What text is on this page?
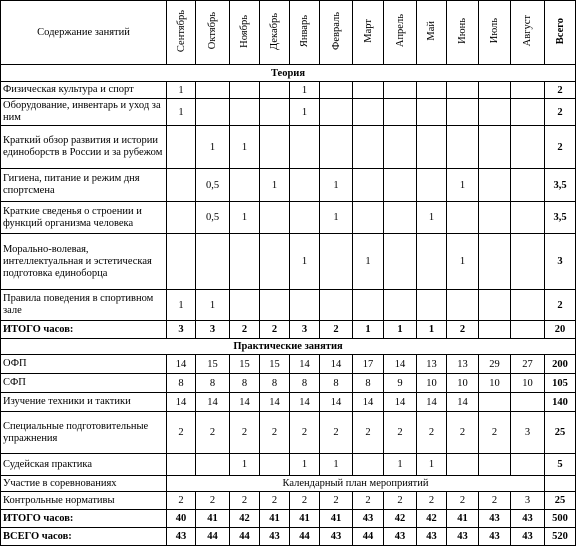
Содержание занятий	Сентябрь	Октябрь	Ноябрь	Декабрь	Январь	Февраль	Март	Апрель	Май	Июнь	Июль	Август	Всего
Теория													
Физическая культура и спорт	1				1								2
Оборудование, инвентарь и уход за ним	1				1								2
Краткий обзор развития и истории единоборств в России и за рубежом		1	1										2
Гигиена, питание и режим дня спортсмена		0,5		1		1				1			3,5
Краткие сведенья о строении и функций организма человека		0,5	1			1			1				3,5
Морально-волевая, интеллектуальная и эстетическая подготовка единоборца					1		1			1			3
Правила поведения в спортивном зале	1	1											2
ИТОГО часов:	3	3	2	2	3	2	1	1	1	2			20
Практические занятия													
ОФП	14	15	15	15	14	14	17	14	13	13	29	27	200
СФП	8	8	8	8	8	8	8	9	10	10	10	10	105
Изучение техники и тактики	14	14	14	14	14	14	14	14	14	14			140
Специальные подготовительные упражнения	2	2	2	2	2	2	2	2	2	2	2	3	25
Судейская практика			1		1	1		1	1				5
Участие в соревнованиях	Календарный план мероприятий												
Контрольные нормативы	2	2	2	2	2	2	2	2	2	2	2	3	25
ИТОГО часов:	40	41	42	41	41	41	43	42	42	41	43	43	500
ВСЕГО часов:	43	44	44	43	44	43	44	43	43	43	43	43	520
